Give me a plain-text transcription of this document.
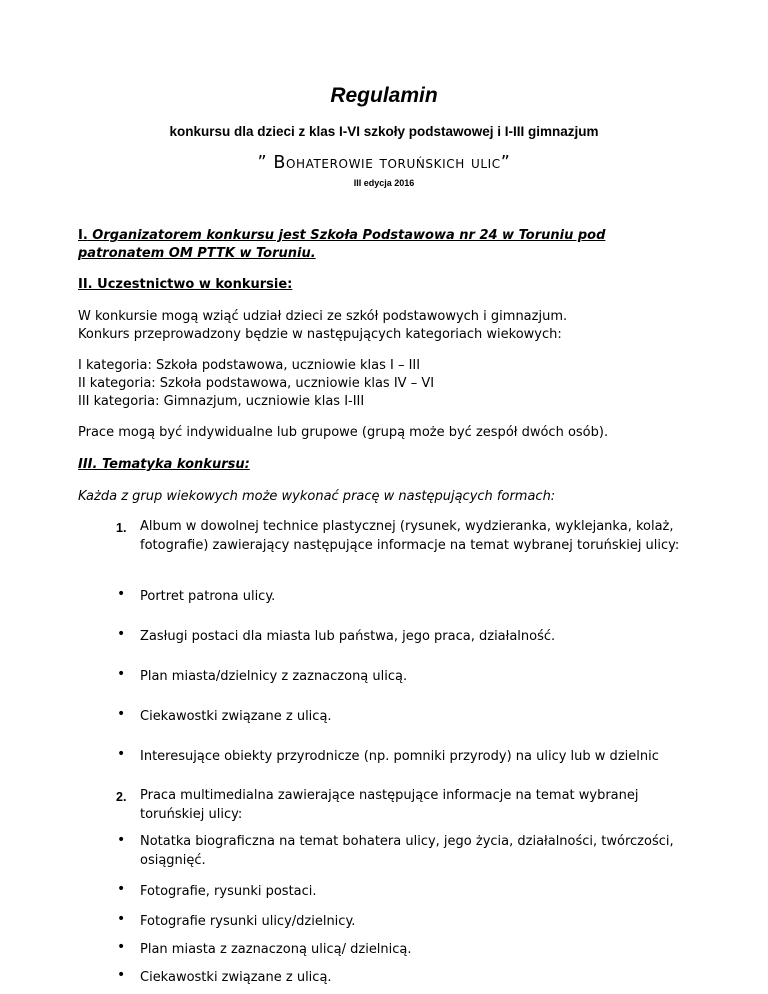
Regulamin
konkursu dla dzieci z klas I-VI szkoły podstawowej i I-III gimnazjum
” Bohaterowie toruńskich ulic”
III edycja 2016
I. Organizatorem konkursu jest Szkoła Podstawowa nr 24 w Toruniu pod
patronatem OM PTTK w Toruniu.
II. Uczestnictwo w konkursie:
W konkursie mogą wziąć udział dzieci ze szkół podstawowych i gimnazjum.
Konkurs przeprowadzony będzie w następujących kategoriach wiekowych:
I kategoria: Szkoła podstawowa, uczniowie klas I – III
II kategoria: Szkoła podstawowa, uczniowie klas IV – VI
III kategoria: Gimnazjum, uczniowie klas I-III
Prace mogą być indywidualne lub grupowe (grupą może być zespół dwóch osób).
III. Tematyka konkursu:
Każda z grup wiekowych może wykonać pracę w następujących formach:
1. Album w dowolnej technice plastycznej (rysunek, wydzieranka, wyklejanka, kolaż, fotografie) zawierający następujące informacje na temat wybranej toruńskiej ulicy:
• Portret patrona ulicy.
• Zasługi postaci dla miasta lub państwa, jego praca, działalność.
• Plan miasta/dzielnicy z zaznaczoną ulicą.
• Ciekawostki związane z ulicą.
• Interesujące obiekty przyrodnicze (np. pomniki przyrody) na ulicy lub w dzielnic
2. Praca multimedialna zawierające następujące informacje na temat wybranej toruńskiej ulicy:
• Notatka biograficzna na temat bohatera ulicy, jego życia, działalności, twórczości, osiągnięć.
• Fotografie, rysunki postaci.
• Fotografie rysunki ulicy/dzielnicy.
• Plan miasta z zaznaczoną ulicą/ dzielnicą.
• Ciekawostki związane z ulicą.
